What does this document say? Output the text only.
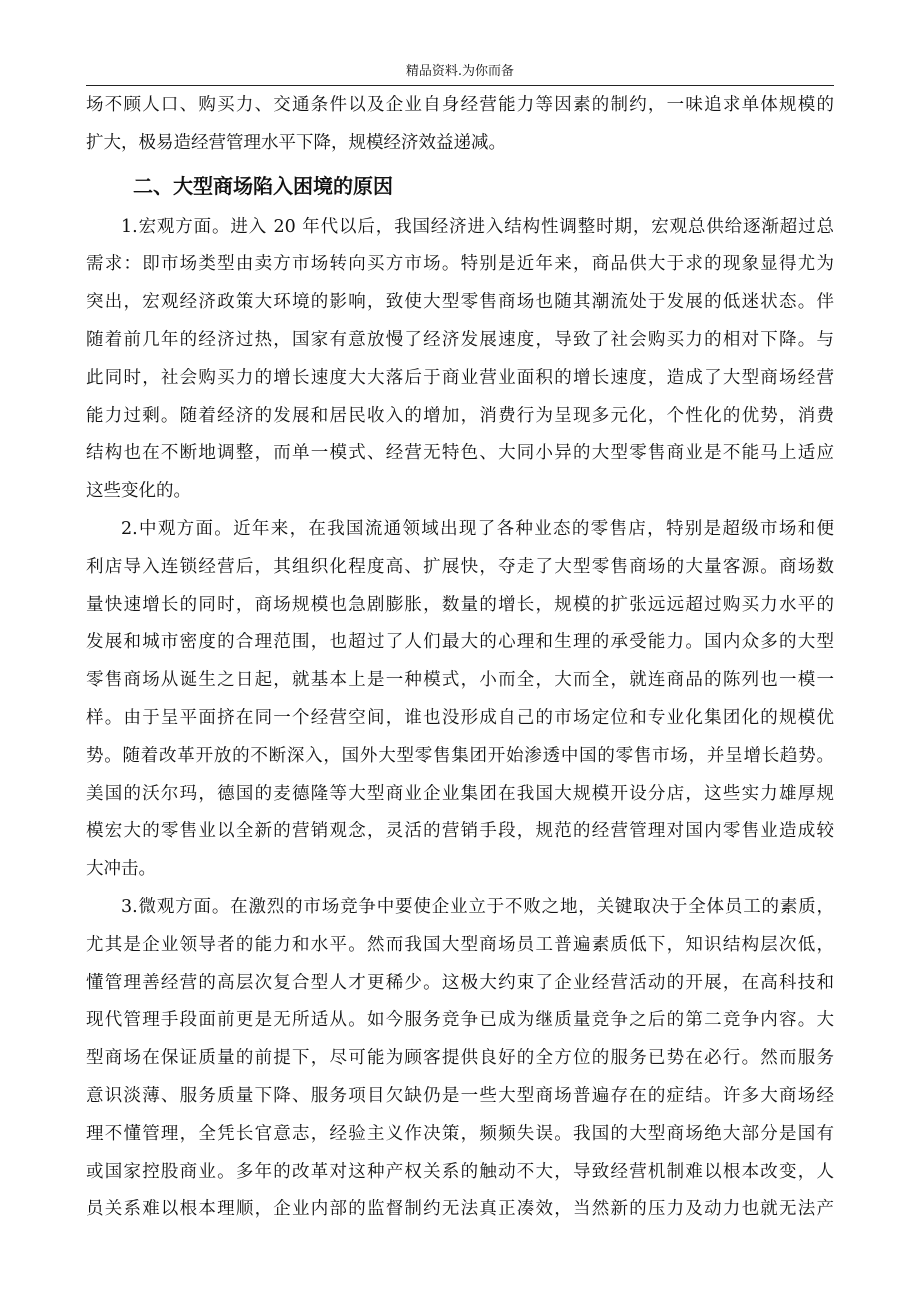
精品资料.为你而备
场不顾人口、购买力、交通条件以及企业自身经营能力等因素的制约，一味追求单体规模的
扩大，极易造经营管理水平下降，规模经济效益递减。
二、大型商场陷入困境的原因
1.宏观方面。进入 20 年代以后，我国经济进入结构性调整时期，宏观总供给逐渐超过总
需求：即市场类型由卖方市场转向买方市场。特别是近年来，商品供大于求的现象显得尤为
突出，宏观经济政策大环境的影响，致使大型零售商场也随其潮流处于发展的低迷状态。伴
随着前几年的经济过热，国家有意放慢了经济发展速度，导致了社会购买力的相对下降。与
此同时，社会购买力的增长速度大大落后于商业营业面积的增长速度，造成了大型商场经营
能力过剩。随着经济的发展和居民收入的增加，消费行为呈现多元化，个性化的优势，消费
结构也在不断地调整，而单一模式、经营无特色、大同小异的大型零售商业是不能马上适应
这些变化的。
2.中观方面。近年来，在我国流通领域出现了各种业态的零售店，特别是超级市场和便
利店导入连锁经营后，其组织化程度高、扩展快，夺走了大型零售商场的大量客源。商场数
量快速增长的同时，商场规模也急剧膨胀，数量的增长，规模的扩张远远超过购买力水平的
发展和城市密度的合理范围，也超过了人们最大的心理和生理的承受能力。国内众多的大型
零售商场从诞生之日起，就基本上是一种模式，小而全，大而全，就连商品的陈列也一模一
样。由于呈平面挤在同一个经营空间，谁也没形成自己的市场定位和专业化集团化的规模优
势。随着改革开放的不断深入，国外大型零售集团开始渗透中国的零售市场，并呈增长趋势。
美国的沃尔玛，德国的麦德隆等大型商业企业集团在我国大规模开设分店，这些实力雄厚规
模宏大的零售业以全新的营销观念，灵活的营销手段，规范的经营管理对国内零售业造成较
大冲击。
3.微观方面。在激烈的市场竞争中要使企业立于不败之地，关键取决于全体员工的素质，
尤其是企业领导者的能力和水平。然而我国大型商场员工普遍素质低下，知识结构层次低，
懂管理善经营的高层次复合型人才更稀少。这极大约束了企业经营活动的开展，在高科技和
现代管理手段面前更是无所适从。如今服务竞争已成为继质量竞争之后的第二竞争内容。大
型商场在保证质量的前提下，尽可能为顾客提供良好的全方位的服务已势在必行。然而服务
意识淡薄、服务质量下降、服务项目欠缺仍是一些大型商场普遍存在的症结。许多大商场经
理不懂管理，全凭长官意志，经验主义作决策，频频失误。我国的大型商场绝大部分是国有
或国家控股商业。多年的改革对这种产权关系的触动不大，导致经营机制难以根本改变，人
员关系难以根本理顺，企业内部的监督制约无法真正凑效，当然新的压力及动力也就无法产
